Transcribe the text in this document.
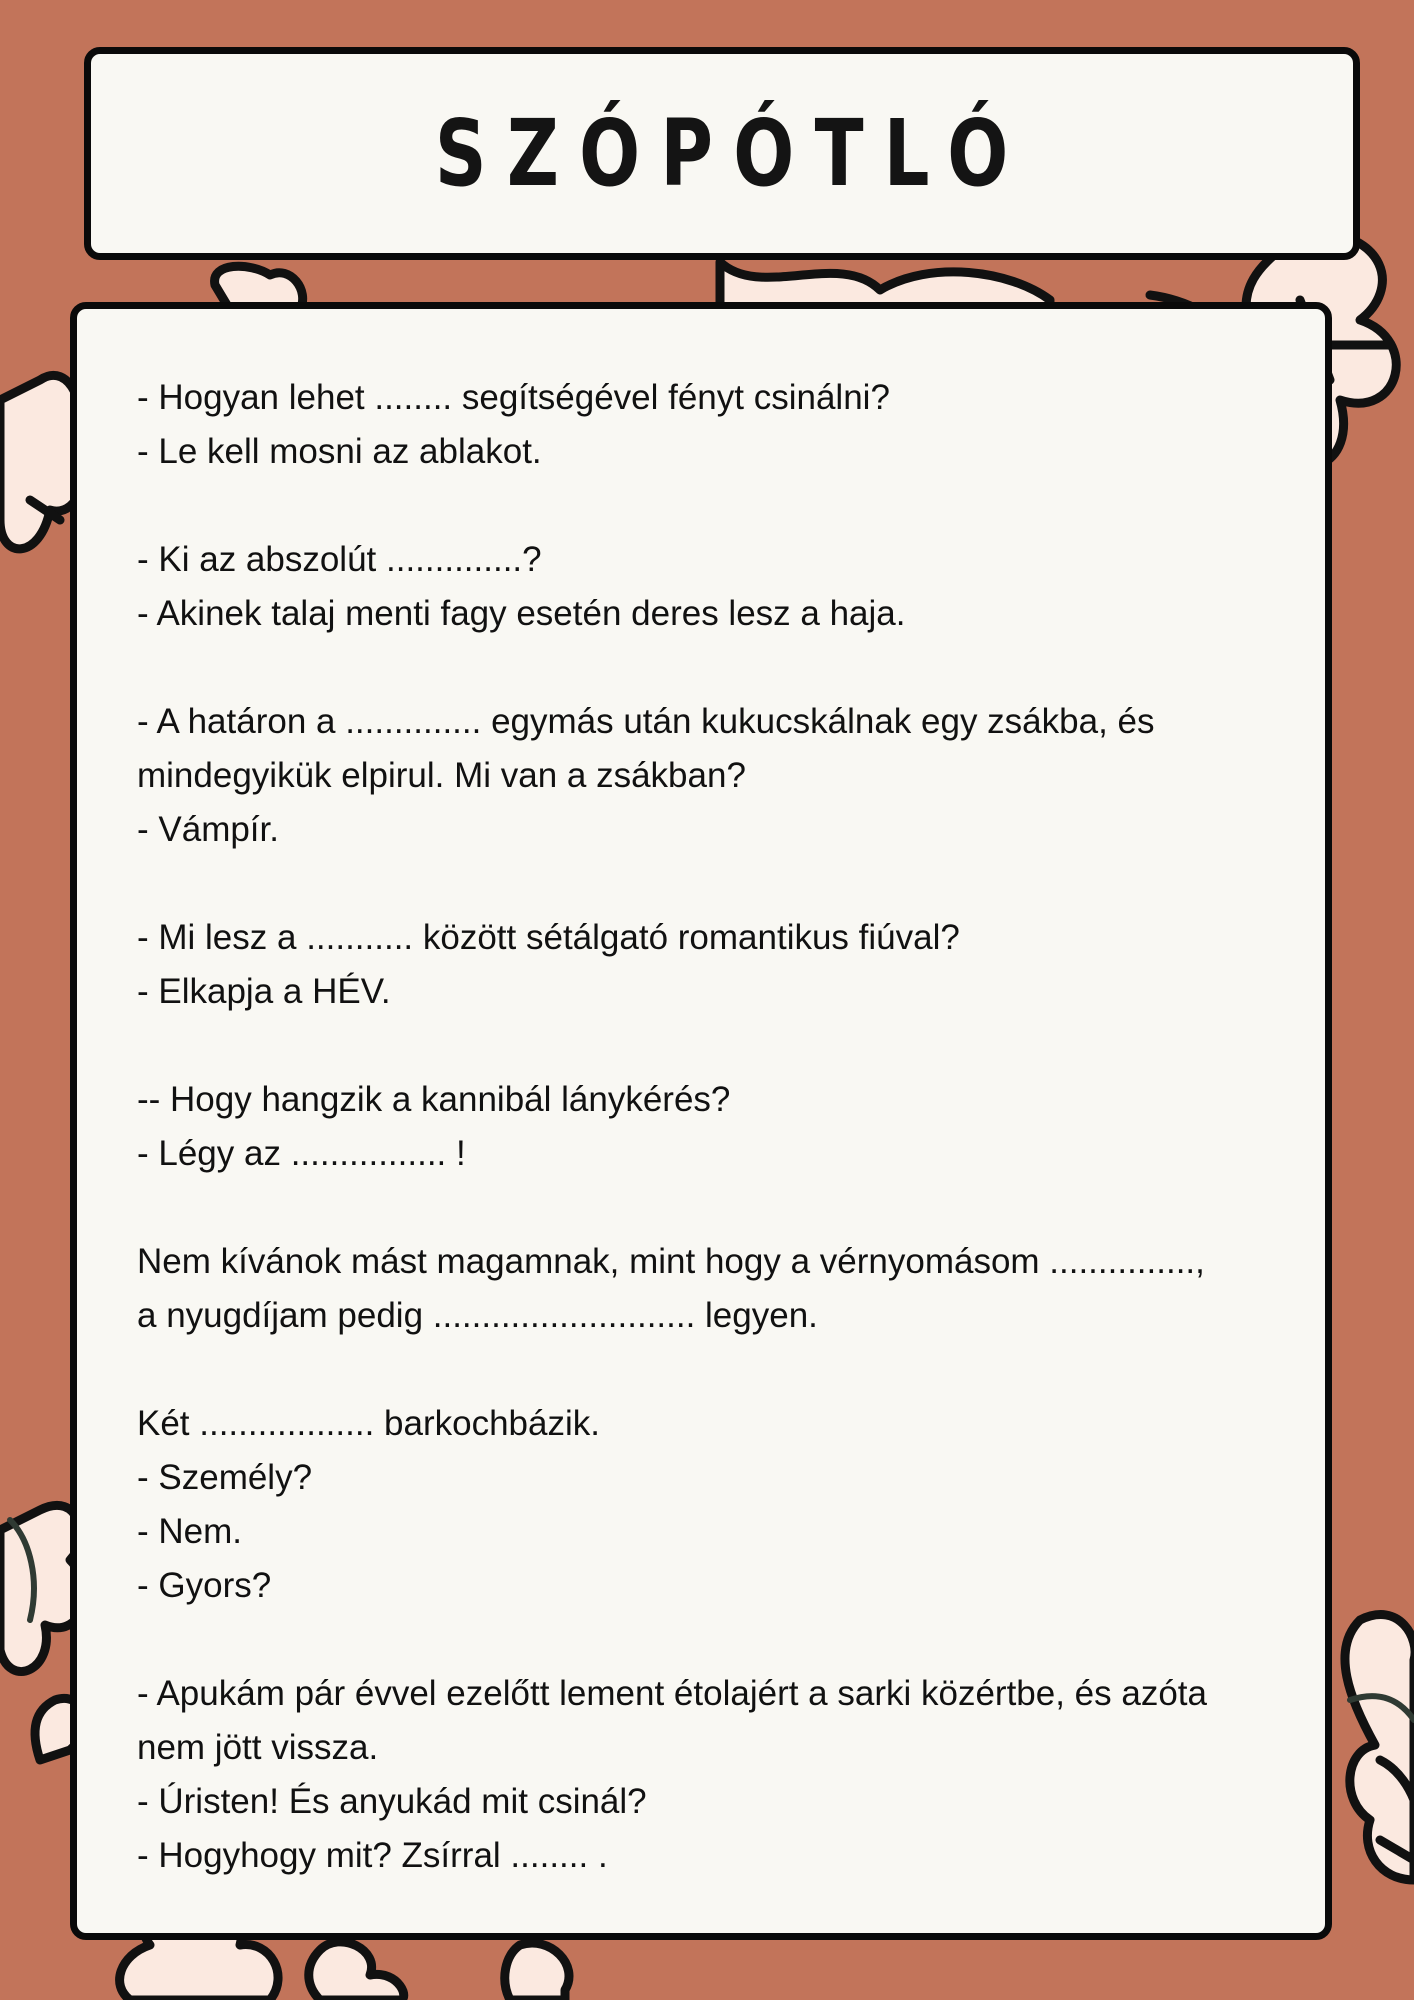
SZÓPÓTLÓ
- Hogyan lehet ........ segítségével fényt csinálni?
- Le kell mosni az ablakot.
- Ki az abszolút ..............?
- Akinek talaj menti fagy esetén deres lesz a haja.
- A határon a .............. egymás után kukucskálnak egy zsákba, és
mindegyikük elpirul. Mi van a zsákban?
- Vámpír.
- Mi lesz a ........... között sétálgató romantikus fiúval?
- Elkapja a HÉV.
-- Hogy hangzik a kannibál lánykérés?
- Légy az ................ !
Nem kívánok mást magamnak, mint hogy a vérnyomásom ...............,
a nyugdíjam pedig ........................... legyen.
Két .................. barkochbázik.
- Személy?
- Nem.
- Gyors?
- Apukám pár évvel ezelőtt lement étolajért a sarki közértbe, és azóta
nem jött vissza.
- Úristen! És anyukád mit csinál?
- Hogyhogy mit? Zsírral ........ .
